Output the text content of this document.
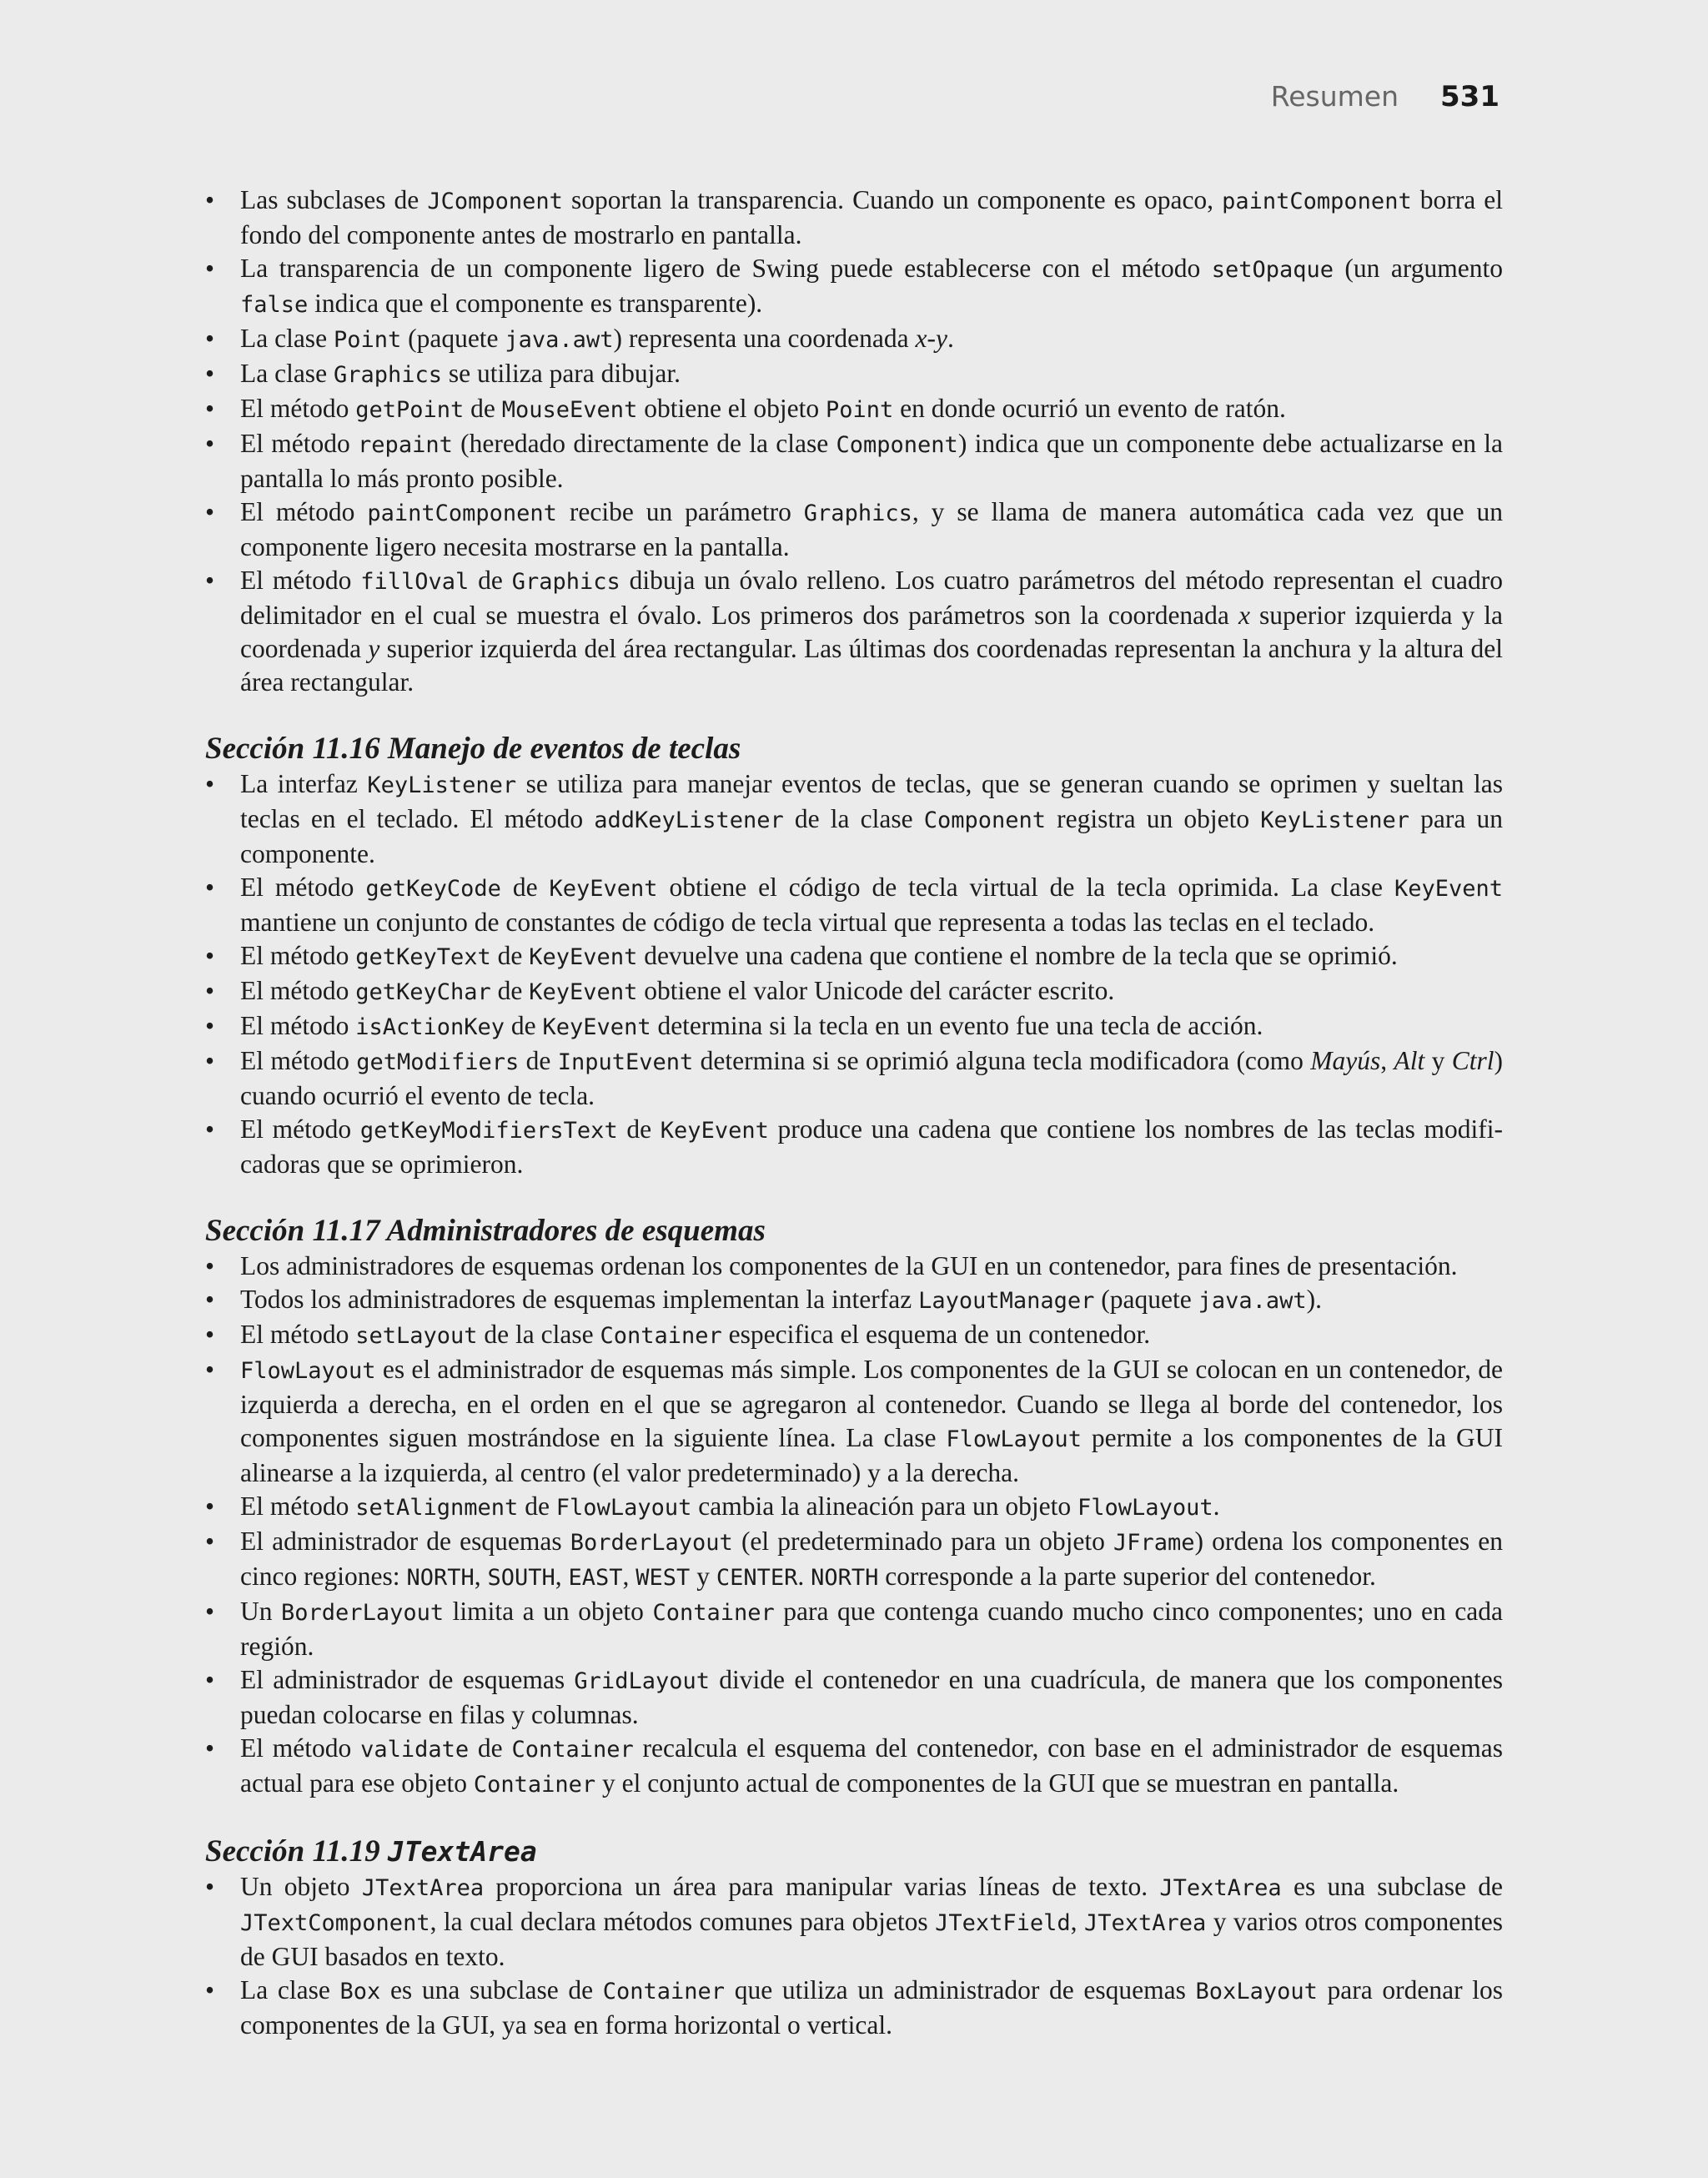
Resumen 531
• Las subclases de JComponent soportan la transparencia. Cuando un componente es opaco, paintComponent borra el fondo del componente antes de mostrarlo en pantalla.
• La transparencia de un componente ligero de Swing puede establecerse con el método setOpaque (un argumento false indica que el componente es transparente).
• La clase Point (paquete java.awt) representa una coordenada x-y.
• La clase Graphics se utiliza para dibujar.
• El método getPoint de MouseEvent obtiene el objeto Point en donde ocurrió un evento de ratón.
• El método repaint (heredado directamente de la clase Component) indica que un componente debe actualizarse en la pantalla lo más pronto posible.
• El método paintComponent recibe un parámetro Graphics, y se llama de manera automática cada vez que un componente ligero necesita mostrarse en la pantalla.
• El método fillOval de Graphics dibuja un óvalo relleno. Los cuatro parámetros del método representan el cuadro delimitador en el cual se muestra el óvalo. Los primeros dos parámetros son la coordenada x superior izquierda y la coordenada y superior izquierda del área rectangular. Las últimas dos coordenadas representan la anchura y la altura del área rectangular.
Sección 11.16 Manejo de eventos de teclas
• La interfaz KeyListener se utiliza para manejar eventos de teclas, que se generan cuando se oprimen y sueltan las teclas en el teclado. El método addKeyListener de la clase Component registra un objeto KeyListener para un componente.
• El método getKeyCode de KeyEvent obtiene el código de tecla virtual de la tecla oprimida. La clase KeyEvent mantiene un conjunto de constantes de código de tecla virtual que representa a todas las teclas en el teclado.
• El método getKeyText de KeyEvent devuelve una cadena que contiene el nombre de la tecla que se oprimió.
• El método getKeyChar de KeyEvent obtiene el valor Unicode del carácter escrito.
• El método isActionKey de KeyEvent determina si la tecla en un evento fue una tecla de acción.
• El método getModifiers de InputEvent determina si se oprimió alguna tecla modificadora (como Mayús, Alt y Ctrl) cuando ocurrió el evento de tecla.
• El método getKeyModifiersText de KeyEvent produce una cadena que contiene los nombres de las teclas modificadoras que se oprimieron.
Sección 11.17 Administradores de esquemas
• Los administradores de esquemas ordenan los componentes de la GUI en un contenedor, para fines de presentación.
• Todos los administradores de esquemas implementan la interfaz LayoutManager (paquete java.awt).
• El método setLayout de la clase Container especifica el esquema de un contenedor.
• FlowLayout es el administrador de esquemas más simple. Los componentes de la GUI se colocan en un contenedor, de izquierda a derecha, en el orden en el que se agregaron al contenedor. Cuando se llega al borde del contenedor, los componentes siguen mostrándose en la siguiente línea. La clase FlowLayout permite a los componentes de la GUI alinearse a la izquierda, al centro (el valor predeterminado) y a la derecha.
• El método setAlignment de FlowLayout cambia la alineación para un objeto FlowLayout.
• El administrador de esquemas BorderLayout (el predeterminado para un objeto JFrame) ordena los componentes en cinco regiones: NORTH, SOUTH, EAST, WEST y CENTER. NORTH corresponde a la parte superior del contenedor.
• Un BorderLayout limita a un objeto Container para que contenga cuando mucho cinco componentes; uno en cada región.
• El administrador de esquemas GridLayout divide el contenedor en una cuadrícula, de manera que los componentes puedan colocarse en filas y columnas.
• El método validate de Container recalcula el esquema del contenedor, con base en el administrador de esquemas actual para ese objeto Container y el conjunto actual de componentes de la GUI que se muestran en pantalla.
Sección 11.19 JTextArea
• Un objeto JTextArea proporciona un área para manipular varias líneas de texto. JTextArea es una subclase de JTextComponent, la cual declara métodos comunes para objetos JTextField, JTextArea y varios otros componentes de GUI basados en texto.
• La clase Box es una subclase de Container que utiliza un administrador de esquemas BoxLayout para ordenar los componentes de la GUI, ya sea en forma horizontal o vertical.
